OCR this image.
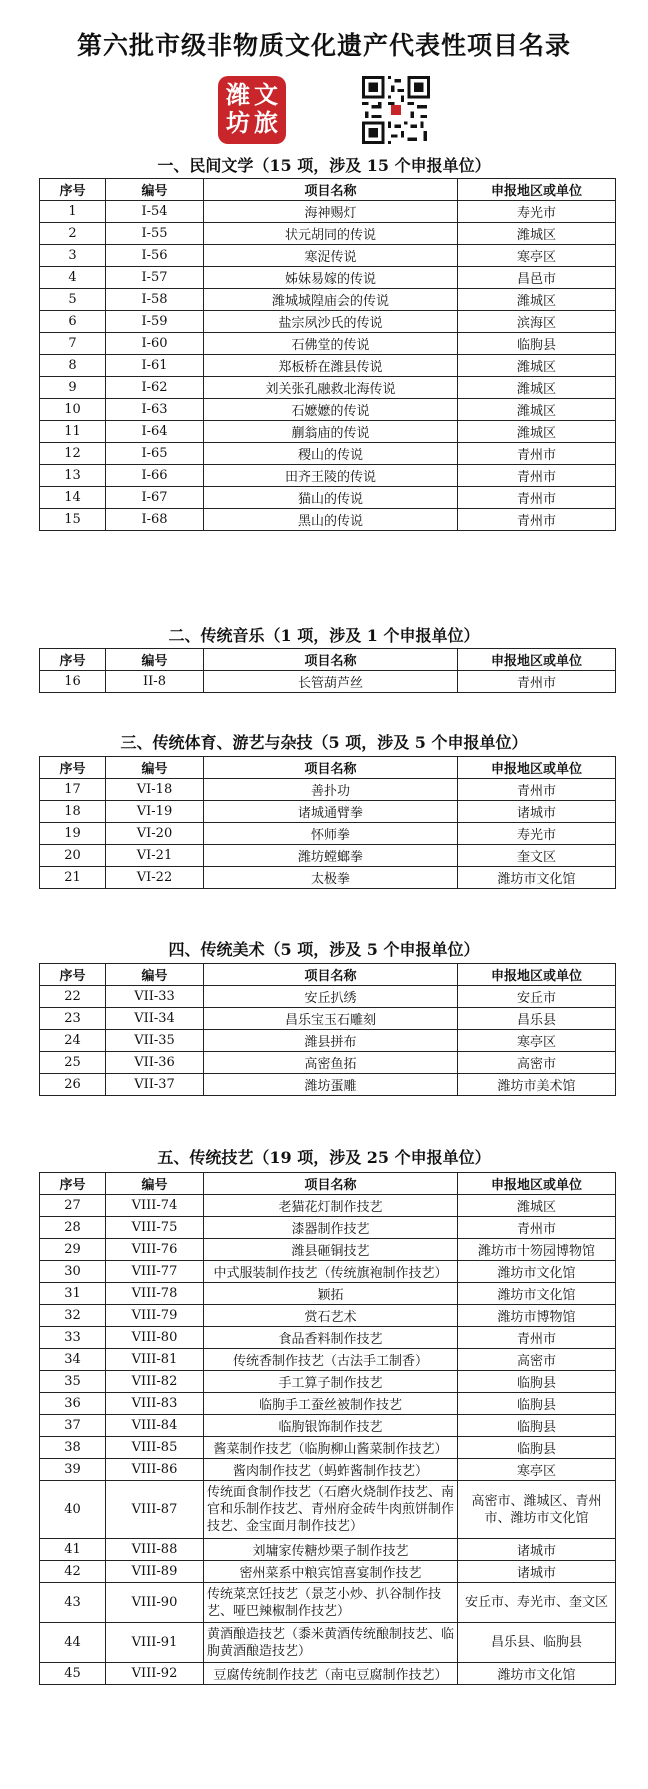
第六批市级非物质文化遗产代表性项目名录
潍 文
坊 旅
一、民间文学（15 项，涉及 15 个申报单位）
序号	编号	项目名称	申报地区或单位
1	I-54	海神赐灯	寿光市
2	I-55	状元胡同的传说	潍城区
3	I-56	寒浞传说	寒亭区
4	I-57	姊妹易嫁的传说	昌邑市
5	I-58	潍城城隍庙会的传说	潍城区
6	I-59	盐宗夙沙氏的传说	滨海区
7	I-60	石佛堂的传说	临朐县
8	I-61	郑板桥在潍县传说	潍城区
9	I-62	刘关张孔融救北海传说	潍城区
10	I-63	石嬷嬷的传说	潍城区
11	I-64	蒯翁庙的传说	潍城区
12	I-65	稷山的传说	青州市
13	I-66	田齐王陵的传说	青州市
14	I-67	猫山的传说	青州市
15	I-68	黑山的传说	青州市
二、传统音乐（1 项，涉及 1 个申报单位）
序号	编号	项目名称	申报地区或单位
16	II-8	长管葫芦丝	青州市
三、传统体育、游艺与杂技（5 项，涉及 5 个申报单位）
序号	编号	项目名称	申报地区或单位
17	VI-18	善扑功	青州市
18	VI-19	诸城通臂拳	诸城市
19	VI-20	怀师拳	寿光市
20	VI-21	潍坊螳螂拳	奎文区
21	VI-22	太极拳	潍坊市文化馆
四、传统美术（5 项，涉及 5 个申报单位）
序号	编号	项目名称	申报地区或单位
22	VII-33	安丘扒绣	安丘市
23	VII-34	昌乐宝玉石雕刻	昌乐县
24	VII-35	潍县拼布	寒亭区
25	VII-36	高密鱼拓	高密市
26	VII-37	潍坊蛋雕	潍坊市美术馆
五、传统技艺（19 项，涉及 25 个申报单位）
序号	编号	项目名称	申报地区或单位
27	VIII-74	老猫花灯制作技艺	潍城区
28	VIII-75	漆器制作技艺	青州市
29	VIII-76	潍县砸铜技艺	潍坊市十笏园博物馆
30	VIII-77	中式服装制作技艺（传统旗袍制作技艺）	潍坊市文化馆
31	VIII-78	颖拓	潍坊市文化馆
32	VIII-79	赏石艺术	潍坊市博物馆
33	VIII-80	食品香料制作技艺	青州市
34	VIII-81	传统香制作技艺（古法手工制香）	高密市
35	VIII-82	手工算子制作技艺	临朐县
36	VIII-83	临朐手工蚕丝被制作技艺	临朐县
37	VIII-84	临朐银饰制作技艺	临朐县
38	VIII-85	酱菜制作技艺（临朐柳山酱菜制作技艺）	临朐县
39	VIII-86	酱肉制作技艺（蚂蚱酱制作技艺）	寒亭区
40	VIII-87	传统面食制作技艺（石磨火烧制作技艺、南官和乐制作技艺、青州府金砖牛肉煎饼制作技艺、金宝面月制作技艺）	高密市、潍城区、青州市、潍坊市文化馆
41	VIII-88	刘墉家传糖炒栗子制作技艺	诸城市
42	VIII-89	密州菜系中粮宾馆喜宴制作技艺	诸城市
43	VIII-90	传统菜烹饪技艺（景芝小炒、扒谷制作技艺、哑巴辣椒制作技艺）	安丘市、寿光市、奎文区
44	VIII-91	黄酒酿造技艺（黍米黄酒传统酿制技艺、临朐黄酒酿造技艺）	昌乐县、临朐县
45	VIII-92	豆腐传统制作技艺（南屯豆腐制作技艺）	潍坊市文化馆
